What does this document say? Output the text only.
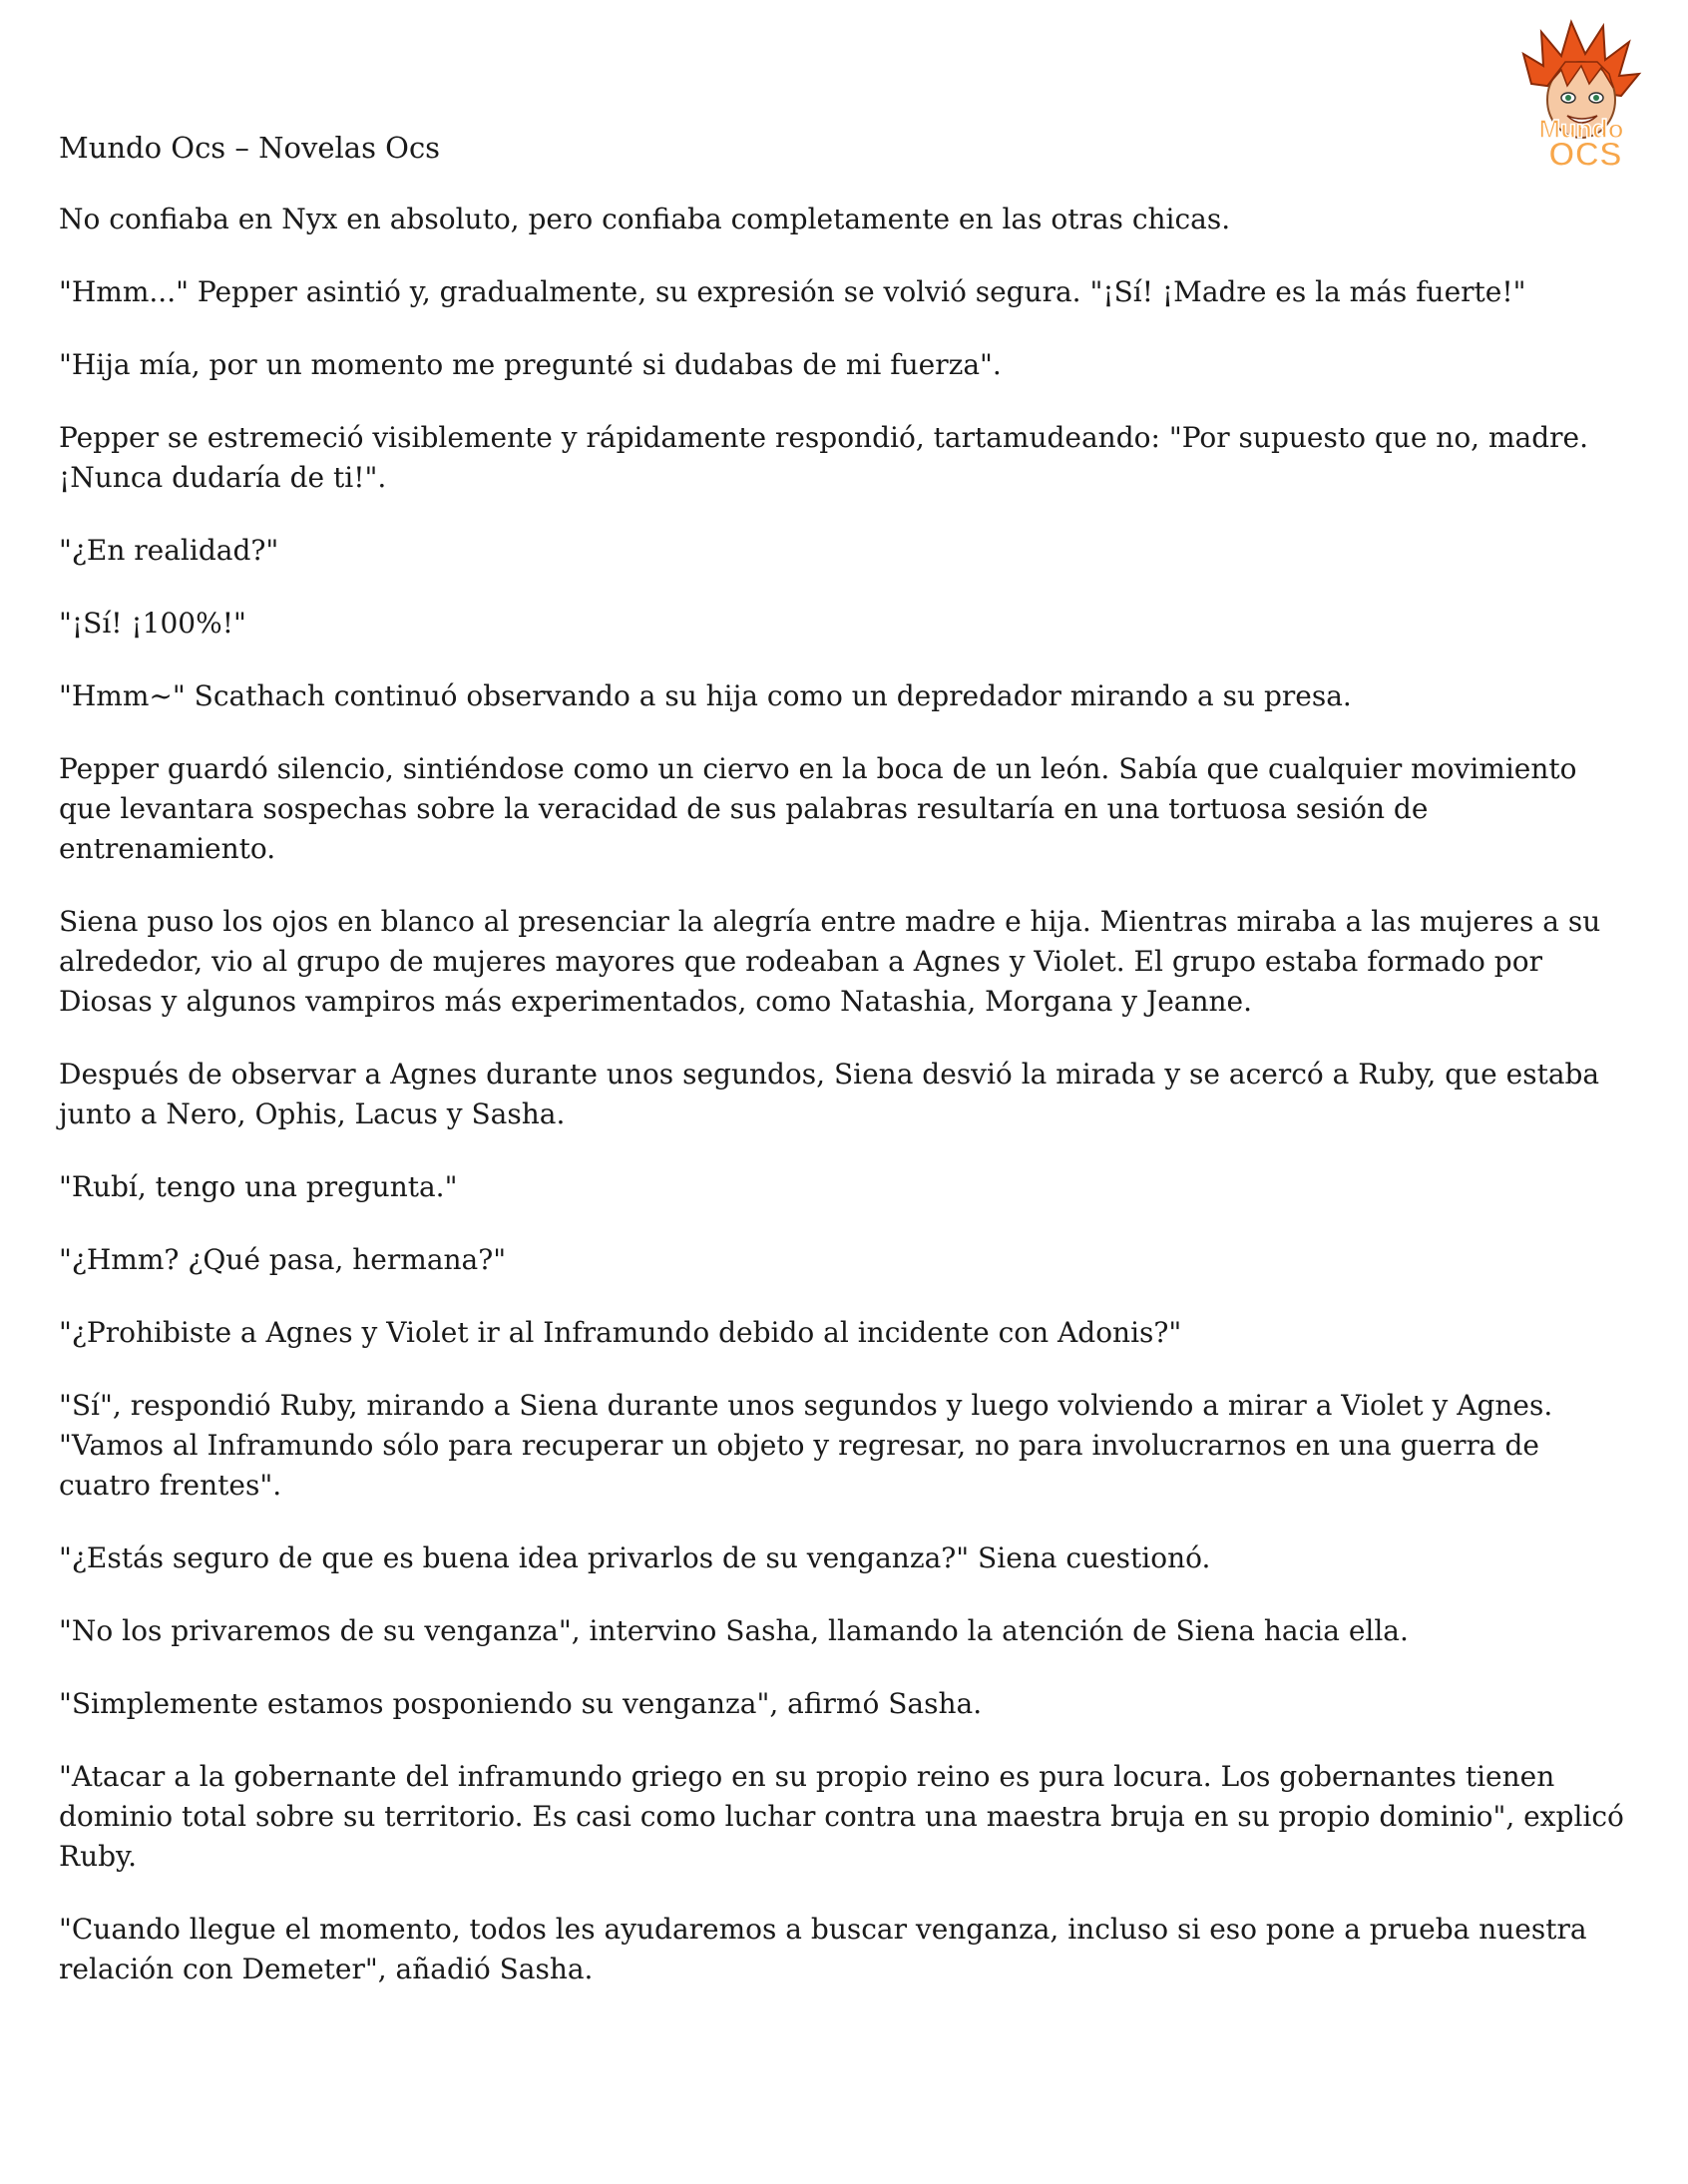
Mundo
OCS
Mundo Ocs – Novelas Ocs

No confiaba en Nyx en absoluto, pero confiaba completamente en las otras chicas.

"Hmm..." Pepper asintió y, gradualmente, su expresión se volvió segura. "¡Sí! ¡Madre es la más fuerte!"

"Hija mía, por un momento me pregunté si dudabas de mi fuerza".

Pepper se estremeció visiblemente y rápidamente respondió, tartamudeando: "Por supuesto que no, madre. ¡Nunca dudaría de ti!".

"¿En realidad?"

"¡Sí! ¡100%!"

"Hmm~" Scathach continuó observando a su hija como un depredador mirando a su presa.

Pepper guardó silencio, sintiéndose como un ciervo en la boca de un león. Sabía que cualquier movimiento que levantara sospechas sobre la veracidad de sus palabras resultaría en una tortuosa sesión de entrenamiento.

Siena puso los ojos en blanco al presenciar la alegría entre madre e hija. Mientras miraba a las mujeres a su alrededor, vio al grupo de mujeres mayores que rodeaban a Agnes y Violet. El grupo estaba formado por Diosas y algunos vampiros más experimentados, como Natashia, Morgana y Jeanne.

Después de observar a Agnes durante unos segundos, Siena desvió la mirada y se acercó a Ruby, que estaba junto a Nero, Ophis, Lacus y Sasha.

"Rubí, tengo una pregunta."

"¿Hmm? ¿Qué pasa, hermana?"

"¿Prohibiste a Agnes y Violet ir al Inframundo debido al incidente con Adonis?"

"Sí", respondió Ruby, mirando a Siena durante unos segundos y luego volviendo a mirar a Violet y Agnes. "Vamos al Inframundo sólo para recuperar un objeto y regresar, no para involucrarnos en una guerra de cuatro frentes".

"¿Estás seguro de que es buena idea privarlos de su venganza?" Siena cuestionó.

"No los privaremos de su venganza", intervino Sasha, llamando la atención de Siena hacia ella.

"Simplemente estamos posponiendo su venganza", afirmó Sasha.

"Atacar a la gobernante del inframundo griego en su propio reino es pura locura. Los gobernantes tienen dominio total sobre su territorio. Es casi como luchar contra una maestra bruja en su propio dominio", explicó Ruby.

"Cuando llegue el momento, todos les ayudaremos a buscar venganza, incluso si eso pone a prueba nuestra relación con Demeter", añadió Sasha.
